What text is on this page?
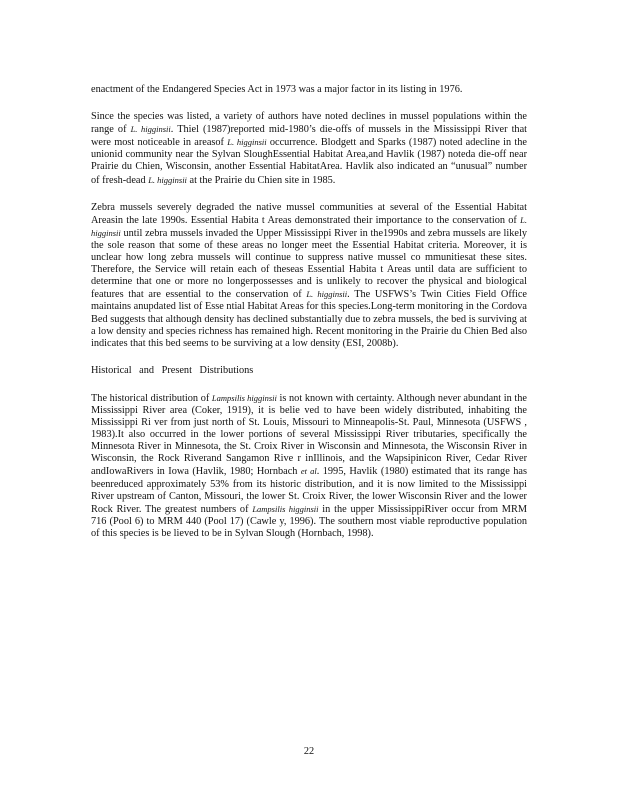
enactment of the Endangered Species Act in 1973 was a major factor in its listing in 1976.

Since the species was listed, a variety of authors have noted declines in mussel populations within the range of L. higginsii. Thiel (1987)reported mid-1980’s die-offs of mussels in the Mississippi River that were most noticeable in areasof L. higginsii occurrence. Blodgett and Sparks (1987) noted adecline in the unionid community near the Sylvan SloughEssential Habitat Area,and Havlik (1987) noteda die-off near Prairie du Chien, Wisconsin, another Essential HabitatArea. Havlik also indicated an “unusual” number of fresh-dead L. higginsii at the Prairie du Chien site in 1985.

Zebra mussels severely degraded the native mussel communities at several of the Essential Habitat Areasin the late 1990s. Essential Habita t Areas demonstrated their importance to the conservation of L. higginsii until zebra mussels invaded the Upper Mississippi River in the1990s and zebra mussels are likely the sole reason that some of these areas no longer meet the Essential Habitat criteria. Moreover, it is unclear how long zebra mussels will continue to suppress native mussel co mmunitiesat these sites. Therefore, the Service will retain each of theseas Essential Habita t Areas until data are sufficient to determine that one or more no longerpossesses and is unlikely to recover the physical and biological features that are essential to the conservation of L. higginsii. The USFWS’s Twin Cities Field Office maintains anupdated list of Esse ntial Habitat Areas for this species.Long-term monitoring in the Cordova Bed suggests that although density has declined substantially due to zebra mussels, the bed is surviving at a low density and species richness has remained high. Recent monitoring in the Prairie du Chien Bed also indicates that this bed seems to be surviving at a low density (ESI, 2008b).

Historical and Present Distributions

The historical distribution of Lampsilis higginsii is not known with certainty. Although never abundant in the Mississippi River area (Coker, 1919), it is belie ved to have been widely distributed, inhabiting the Mississippi Ri ver from just north of St. Louis, Missouri to Minneapolis-St. Paul, Minnesota (USFWS , 1983).It also occurred in the lower portions of several Mississippi River tributaries, specifically the Minnesota River in Minnesota, the St. Croix River in Wisconsin and Minnesota, the Wisconsin River in Wisconsin, the Rock Riverand Sangamon Rive r inIllinois, and the Wapsipinicon River, Cedar River andIowaRivers in Iowa (Havlik, 1980; Hornbach et al. 1995, Havlik (1980) estimated that its range has beenreduced approximately 53% from its historic distribution, and it is now limited to the Mississippi River upstream of Canton, Missouri, the lower St. Croix River, the lower Wisconsin River and the lower Rock River. The greatest numbers of Lampsilis higginsii in the upper MississippiRiver occur from MRM 716 (Pool 6) to MRM 440 (Pool 17) (Cawle y, 1996). The southern most viable reproductive population of this species is be lieved to be in Sylvan Slough (Hornbach, 1998).

22
